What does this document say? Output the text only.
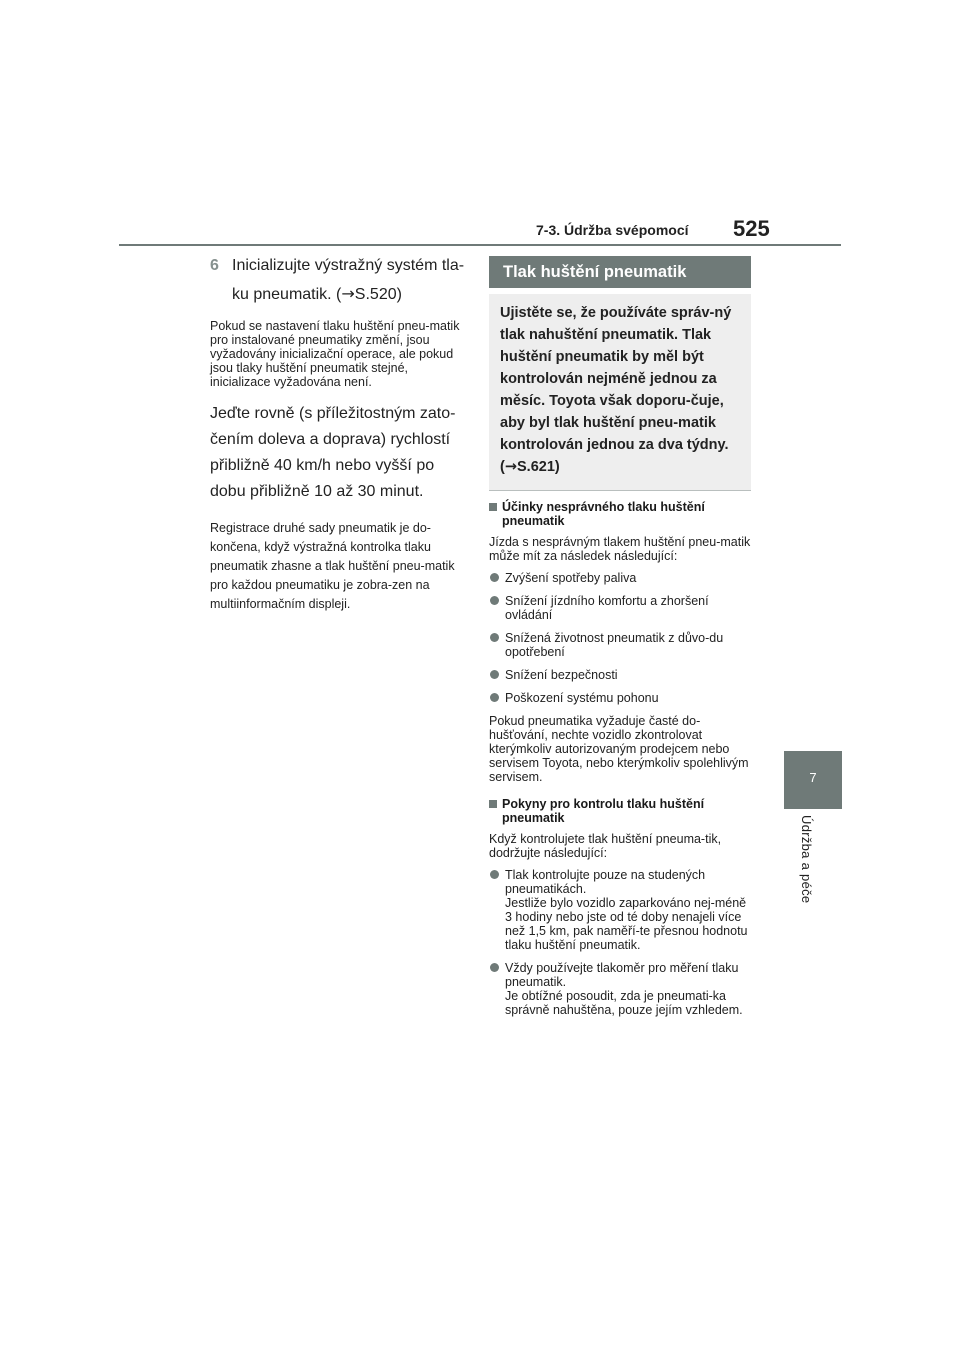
7-3. Údržba svépomocí 525
7
Údržba a péče
6 Inicializujte výstražný systém tla-ku pneumatik. (→S.520)

Pokud se nastavení tlaku huštění pneu-matik pro instalované pneumatiky změní, jsou vyžadovány inicializační operace, ale pokud jsou tlaky huštění pneumatik stejné, inicializace vyžadována není.

Jeďte rovně (s příležitostným zato-čením doleva a doprava) rychlostí přibližně 40 km/h nebo vyšší po dobu přibližně 10 až 30 minut.

Registrace druhé sady pneumatik je do-končena, když výstražná kontrolka tlaku pneumatik zhasne a tlak huštění pneu-matik pro každou pneumatiku je zobra-zen na multiinformačním displeji.

Tlak huštění pneumatik
Ujistěte se, že používáte správ-ný tlak nahuštění pneumatik. Tlak huštění pneumatik by měl být kontrolován nejméně jednou za měsíc. Toyota však doporu-čuje, aby byl tlak huštění pneu-matik kontrolován jednou za dva týdny. (→S.621)
Účinky nesprávného tlaku huštění pneumatik

Jízda s nesprávným tlakem huštění pneu-matik může mít za následek následující:

Zvýšení spotřeby paliva
Snížení jízdního komfortu a zhoršení ovládání
Snížená životnost pneumatik z důvo-du opotřebení
Snížení bezpečnosti
Poškození systému pohonu

Pokud pneumatika vyžaduje časté do-hušťování, nechte vozidlo zkontrolovat kterýmkoliv autorizovaným prodejcem nebo servisem Toyota, nebo kterýmkoliv spolehlivým servisem.

Pokyny pro kontrolu tlaku huštění pneumatik

Když kontrolujete tlak huštění pneuma-tik, dodržujte následující:

Tlak kontrolujte pouze na studených pneumatikách.
Jestliže bylo vozidlo zaparkováno nej-méně 3 hodiny nebo jste od té doby nenajeli více než 1,5 km, pak naměří-te přesnou hodnotu tlaku huštění pneumatik.
Vždy používejte tlakoměr pro měření tlaku pneumatik.
Je obtížné posoudit, zda je pneumati-ka správně nahuštěna, pouze jejím vzhledem.
